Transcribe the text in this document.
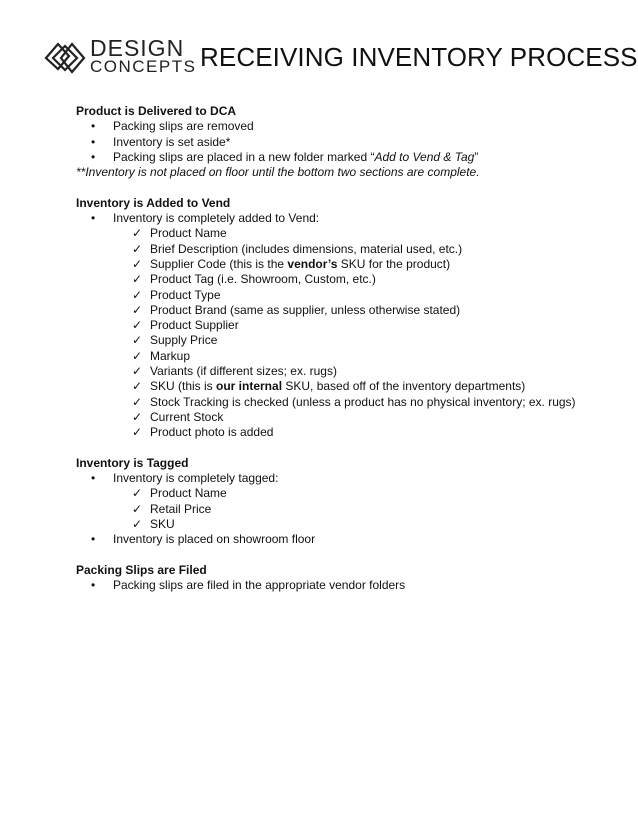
DESIGN
CONCEPTS RECEIVING INVENTORY PROCESS

Product is Delivered to DCA

• Packing slips are removed
• Inventory is set aside*
• Packing slips are placed in a new folder marked “Add to Vend & Tag”

**Inventory is not placed on floor until the bottom two sections are complete.

Inventory is Added to Vend

• Inventory is completely added to Vend:
✓ Product Name
✓ Brief Description (includes dimensions, material used, etc.)
✓ Supplier Code (this is the vendor’s SKU for the product)
✓ Product Tag (i.e. Showroom, Custom, etc.)
✓ Product Type
✓ Product Brand (same as supplier, unless otherwise stated)
✓ Product Supplier
✓ Supply Price
✓ Markup
✓ Variants (if different sizes; ex. rugs)
✓ SKU (this is our internal SKU, based off of the inventory departments)
✓ Stock Tracking is checked (unless a product has no physical inventory; ex. rugs)
✓ Current Stock
✓ Product photo is added

Inventory is Tagged

• Inventory is completely tagged:
✓ Product Name
✓ Retail Price
✓ SKU
• Inventory is placed on showroom floor

Packing Slips are Filed

• Packing slips are filed in the appropriate vendor folders
